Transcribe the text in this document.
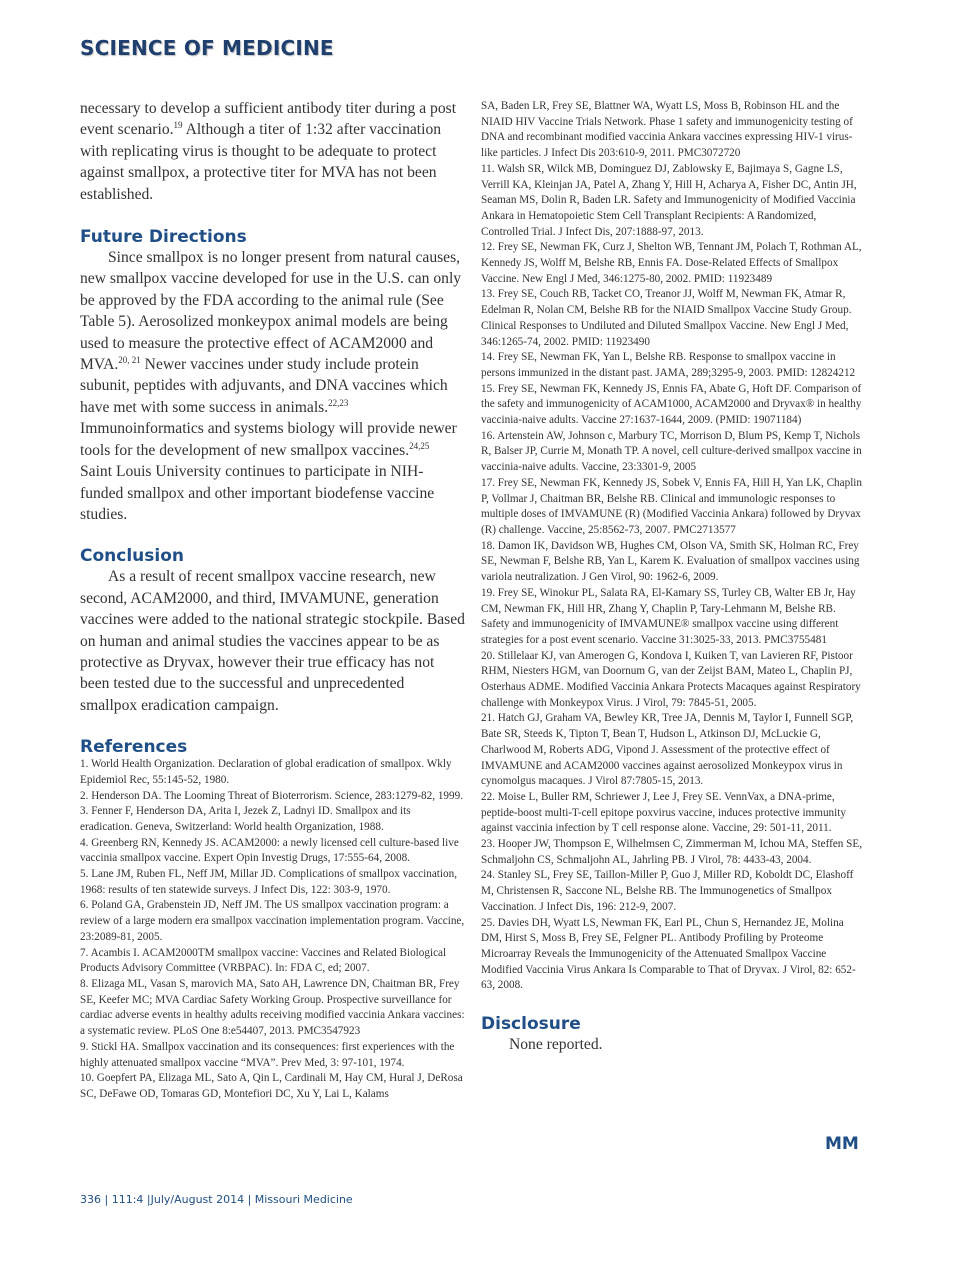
SCIENCE OF MEDICINE

necessary to develop a sufficient antibody titer during a post event scenario.$^{19}$ Although a titer of 1:32 after vaccination with replicating virus is thought to be adequate to protect against smallpox, a protective titer for MVA has not been established.

Future Directions

Since smallpox is no longer present from natural causes, new smallpox vaccine developed for use in the U.S. can only be approved by the FDA according to the animal rule (See Table 5). Aerosolized monkeypox animal models are being used to measure the protective effect of ACAM2000 and MVA.$^{20, 21}$ Newer vaccines under study include protein subunit, peptides with adjuvants, and DNA vaccines which have met with some success in animals.$^{22,23}$ Immunoinformatics and systems biology will provide newer tools for the development of new smallpox vaccines.$^{24,25}$ Saint Louis University continues to participate in NIH-funded smallpox and other important biodefense vaccine studies.

Conclusion

As a result of recent smallpox vaccine research, new second, ACAM2000, and third, IMVAMUNE, generation vaccines were added to the national strategic stockpile. Based on human and animal studies the vaccines appear to be as protective as Dryvax, however their true efficacy has not been tested due to the successful and unprecedented smallpox eradication campaign.

References

1. World Health Organization. Declaration of global eradication of smallpox. Wkly Epidemiol Rec, 55:145-52, 1980.

2. Henderson DA. The Looming Threat of Bioterrorism. Science, 283:1279-82, 1999.

3. Fenner F, Henderson DA, Arita I, Jezek Z, Ladnyi ID. Smallpox and its eradication. Geneva, Switzerland: World health Organization, 1988.

4. Greenberg RN, Kennedy JS. ACAM2000: a newly licensed cell culture-based live vaccinia smallpox vaccine. Expert Opin Investig Drugs, 17:555-64, 2008.

5. Lane JM, Ruben FL, Neff JM, Millar JD. Complications of smallpox vaccination, 1968: results of ten statewide surveys. J Infect Dis, 122: 303-9, 1970.

6. Poland GA, Grabenstein JD, Neff JM. The US smallpox vaccination program: a review of a large modern era smallpox vaccination implementation program. Vaccine, 23:2089-81, 2005.

7. Acambis I. ACAM2000TM smallpox vaccine: Vaccines and Related Biological Products Advisory Committee (VRBPAC). In: FDA C, ed; 2007.

8. Elizaga ML, Vasan S, marovich MA, Sato AH, Lawrence DN, Chaitman BR, Frey SE, Keefer MC; MVA Cardiac Safety Working Group. Prospective surveillance for cardiac adverse events in healthy adults receiving modified vaccinia Ankara vaccines: a systematic review. PLoS One 8:e54407, 2013. PMC3547923

9. Stickl HA. Smallpox vaccination and its consequences: first experiences with the highly attenuated smallpox vaccine “MVA”. Prev Med, 3: 97-101, 1974.

10. Goepfert PA, Elizaga ML, Sato A, Qin L, Cardinali M, Hay CM, Hural J, DeRosa SC, DeFawe OD, Tomaras GD, Montefiori DC, Xu Y, Lai L, Kalams

SA, Baden LR, Frey SE, Blattner WA, Wyatt LS, Moss B, Robinson HL and the NIAID HIV Vaccine Trials Network. Phase 1 safety and immunogenicity testing of DNA and recombinant modified vaccinia Ankara vaccines expressing HIV-1 virus-like particles. J Infect Dis 203:610-9, 2011. PMC3072720

11. Walsh SR, Wilck MB, Dominguez DJ, Zablowsky E, Bajimaya S, Gagne LS, Verrill KA, Kleinjan JA, Patel A, Zhang Y, Hill H, Acharya A, Fisher DC, Antin JH, Seaman MS, Dolin R, Baden LR. Safety and Immunogenicity of Modified Vaccinia Ankara in Hematopoietic Stem Cell Transplant Recipients: A Randomized, Controlled Trial. J Infect Dis, 207:1888-97, 2013.

12. Frey SE, Newman FK, Curz J, Shelton WB, Tennant JM, Polach T, Rothman AL, Kennedy JS, Wolff M, Belshe RB, Ennis FA. Dose-Related Effects of Smallpox Vaccine. New Engl J Med, 346:1275-80, 2002. PMID: 11923489

13. Frey SE, Couch RB, Tacket CO, Treanor JJ, Wolff M, Newman FK, Atmar R, Edelman R, Nolan CM, Belshe RB for the NIAID Smallpox Vaccine Study Group. Clinical Responses to Undiluted and Diluted Smallpox Vaccine. New Engl J Med, 346:1265-74, 2002. PMID: 11923490

14. Frey SE, Newman FK, Yan L, Belshe RB. Response to smallpox vaccine in persons immunized in the distant past. JAMA, 289;3295-9, 2003. PMID: 12824212

15. Frey SE, Newman FK, Kennedy JS, Ennis FA, Abate G, Hoft DF. Comparison of the safety and immunogenicity of ACAM1000, ACAM2000 and Dryvax® in healthy vaccinia-naive adults. Vaccine 27:1637-1644, 2009. (PMID: 19071184)

16. Artenstein AW, Johnson c, Marbury TC, Morrison D, Blum PS, Kemp T, Nichols R, Balser JP, Currie M, Monath TP. A novel, cell culture-derived smallpox vaccine in vaccinia-naive adults. Vaccine, 23:3301-9, 2005

17. Frey SE, Newman FK, Kennedy JS, Sobek V, Ennis FA, Hill H, Yan LK, Chaplin P, Vollmar J, Chaitman BR, Belshe RB. Clinical and immunologic responses to multiple doses of IMVAMUNE (R) (Modified Vaccinia Ankara) followed by Dryvax (R) challenge. Vaccine, 25:8562-73, 2007. PMC2713577

18. Damon IK, Davidson WB, Hughes CM, Olson VA, Smith SK, Holman RC, Frey SE, Newman F, Belshe RB, Yan L, Karem K. Evaluation of smallpox vaccines using variola neutralization. J Gen Virol, 90: 1962-6, 2009.

19. Frey SE, Winokur PL, Salata RA, El-Kamary SS, Turley CB, Walter EB Jr, Hay CM, Newman FK, Hill HR, Zhang Y, Chaplin P, Tary-Lehmann M, Belshe RB. Safety and immunogenicity of IMVAMUNE® smallpox vaccine using different strategies for a post event scenario. Vaccine 31:3025-33, 2013. PMC3755481

20. Stillelaar KJ, van Amerogen G, Kondova I, Kuiken T, van Lavieren RF, Pistoor RHM, Niesters HGM, van Doornum G, van der Zeijst BAM, Mateo L, Chaplin PJ, Osterhaus ADME. Modified Vaccinia Ankara Protects Macaques against Respiratory challenge with Monkeypox Virus. J Virol, 79: 7845-51, 2005.

21. Hatch GJ, Graham VA, Bewley KR, Tree JA, Dennis M, Taylor I, Funnell SGP, Bate SR, Steeds K, Tipton T, Bean T, Hudson L, Atkinson DJ, McLuckie G, Charlwood M, Roberts ADG, Vipond J. Assessment of the protective effect of IMVAMUNE and ACAM2000 vaccines against aerosolized Monkeypox virus in cynomolgus macaques. J Virol 87:7805-15, 2013.

22. Moise L, Buller RM, Schriewer J, Lee J, Frey SE. VennVax, a DNA-prime, peptide-boost multi-T-cell epitope poxvirus vaccine, induces protective immunity against vaccinia infection by T cell response alone. Vaccine, 29: 501-11, 2011.

23. Hooper JW, Thompson E, Wilhelmsen C, Zimmerman M, Ichou MA, Steffen SE, Schmaljohn CS, Schmaljohn AL, Jahrling PB. J Virol, 78: 4433-43, 2004.

24. Stanley SL, Frey SE, Taillon-Miller P, Guo J, Miller RD, Koboldt DC, Elashoff M, Christensen R, Saccone NL, Belshe RB. The Immunogenetics of Smallpox Vaccination. J Infect Dis, 196: 212-9, 2007.

25. Davies DH, Wyatt LS, Newman FK, Earl PL, Chun S, Hernandez JE, Molina DM, Hirst S, Moss B, Frey SE, Felgner PL. Antibody Profiling by Proteome Microarray Reveals the Immunogenicity of the Attenuated Smallpox Vaccine Modified Vaccinia Virus Ankara Is Comparable to That of Dryvax. J Virol, 82: 652-63, 2008.

Disclosure

None reported.

MM
336 | 111:4 |July/August 2014 | Missouri Medicine
